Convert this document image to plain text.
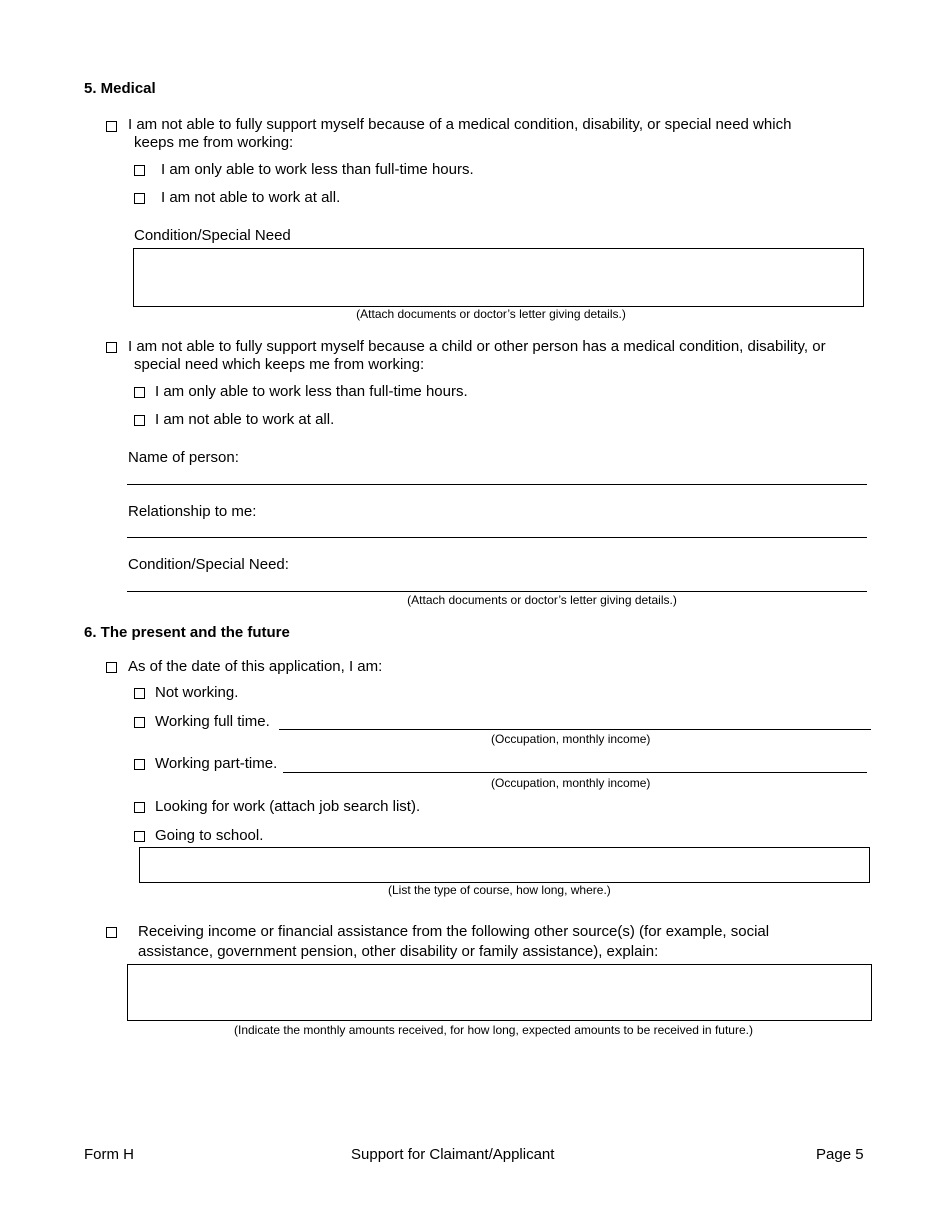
5. Medical
I am not able to fully support myself because of a medical condition, disability, or special need which
keeps me from working:
I am only able to work less than full-time hours.
I am not able to work at all.
Condition/Special Need
(Attach documents or doctor’s letter giving details.)
I am not able to fully support myself because a child or other person has a medical condition, disability, or
special need which keeps me from working:
I am only able to work less than full-time hours.
I am not able to work at all.
Name of person:
Relationship to me:
Condition/Special Need:
(Attach documents or doctor’s letter giving details.)
6. The present and the future
As of the date of this application, I am:
Not working.
Working full time.
(Occupation, monthly income)
Working part-time.
(Occupation, monthly income)
Looking for work (attach job search list).
Going to school.
(List the type of course, how long, where.)
Receiving income or financial assistance from the following other source(s) (for example, social
assistance, government pension, other disability or family assistance), explain:
(Indicate the monthly amounts received, for how long, expected amounts to be received in future.)
Form H	Support for Claimant/Applicant	Page 5
